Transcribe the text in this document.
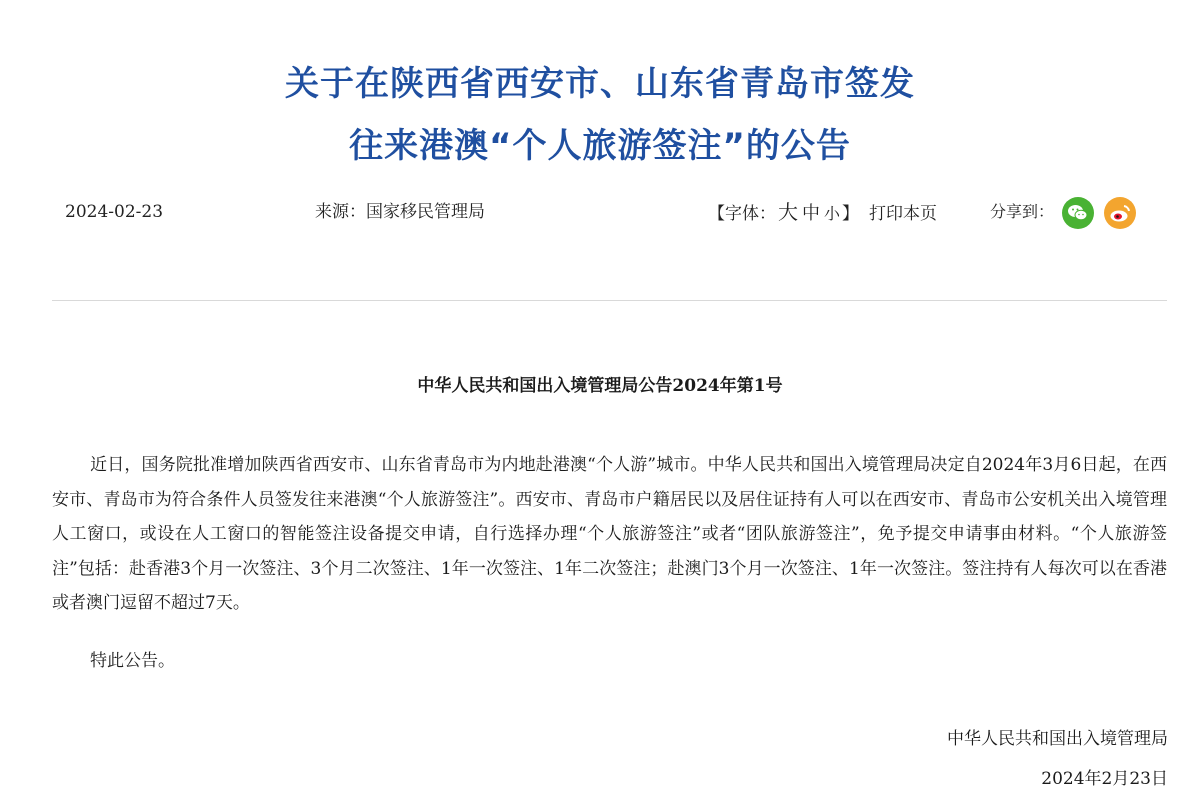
关于在陕西省西安市、山东省青岛市签发
往来港澳“个人旅游签注”的公告
2024-02-23	来源：国家移民管理局	【字体： 大 中 小 】 打印本页	分享到：
中华人民共和国出入境管理局公告2024年第1号

近日，国务院批准增加陕西省西安市、山东省青岛市为内地赴港澳“个人游”城市。中华人民共和国出入境管理局决定自2024年3月6日起，在西安市、青岛市为符合条件人员签发往来港澳“个人旅游签注”。西安市、青岛市户籍居民以及居住证持有人可以在西安市、青岛市公安机关出入境管理人工窗口，或设在人工窗口的智能签注设备提交申请，自行选择办理“个人旅游签注”或者“团队旅游签注”，免予提交申请事由材料。“个人旅游签注”包括：赴香港3个月一次签注、3个月二次签注、1年一次签注、1年二次签注；赴澳门3个月一次签注、1年一次签注。签注持有人每次可以在香港或者澳门逗留不超过7天。

特此公告。

中华人民共和国出入境管理局
2024年2月23日
